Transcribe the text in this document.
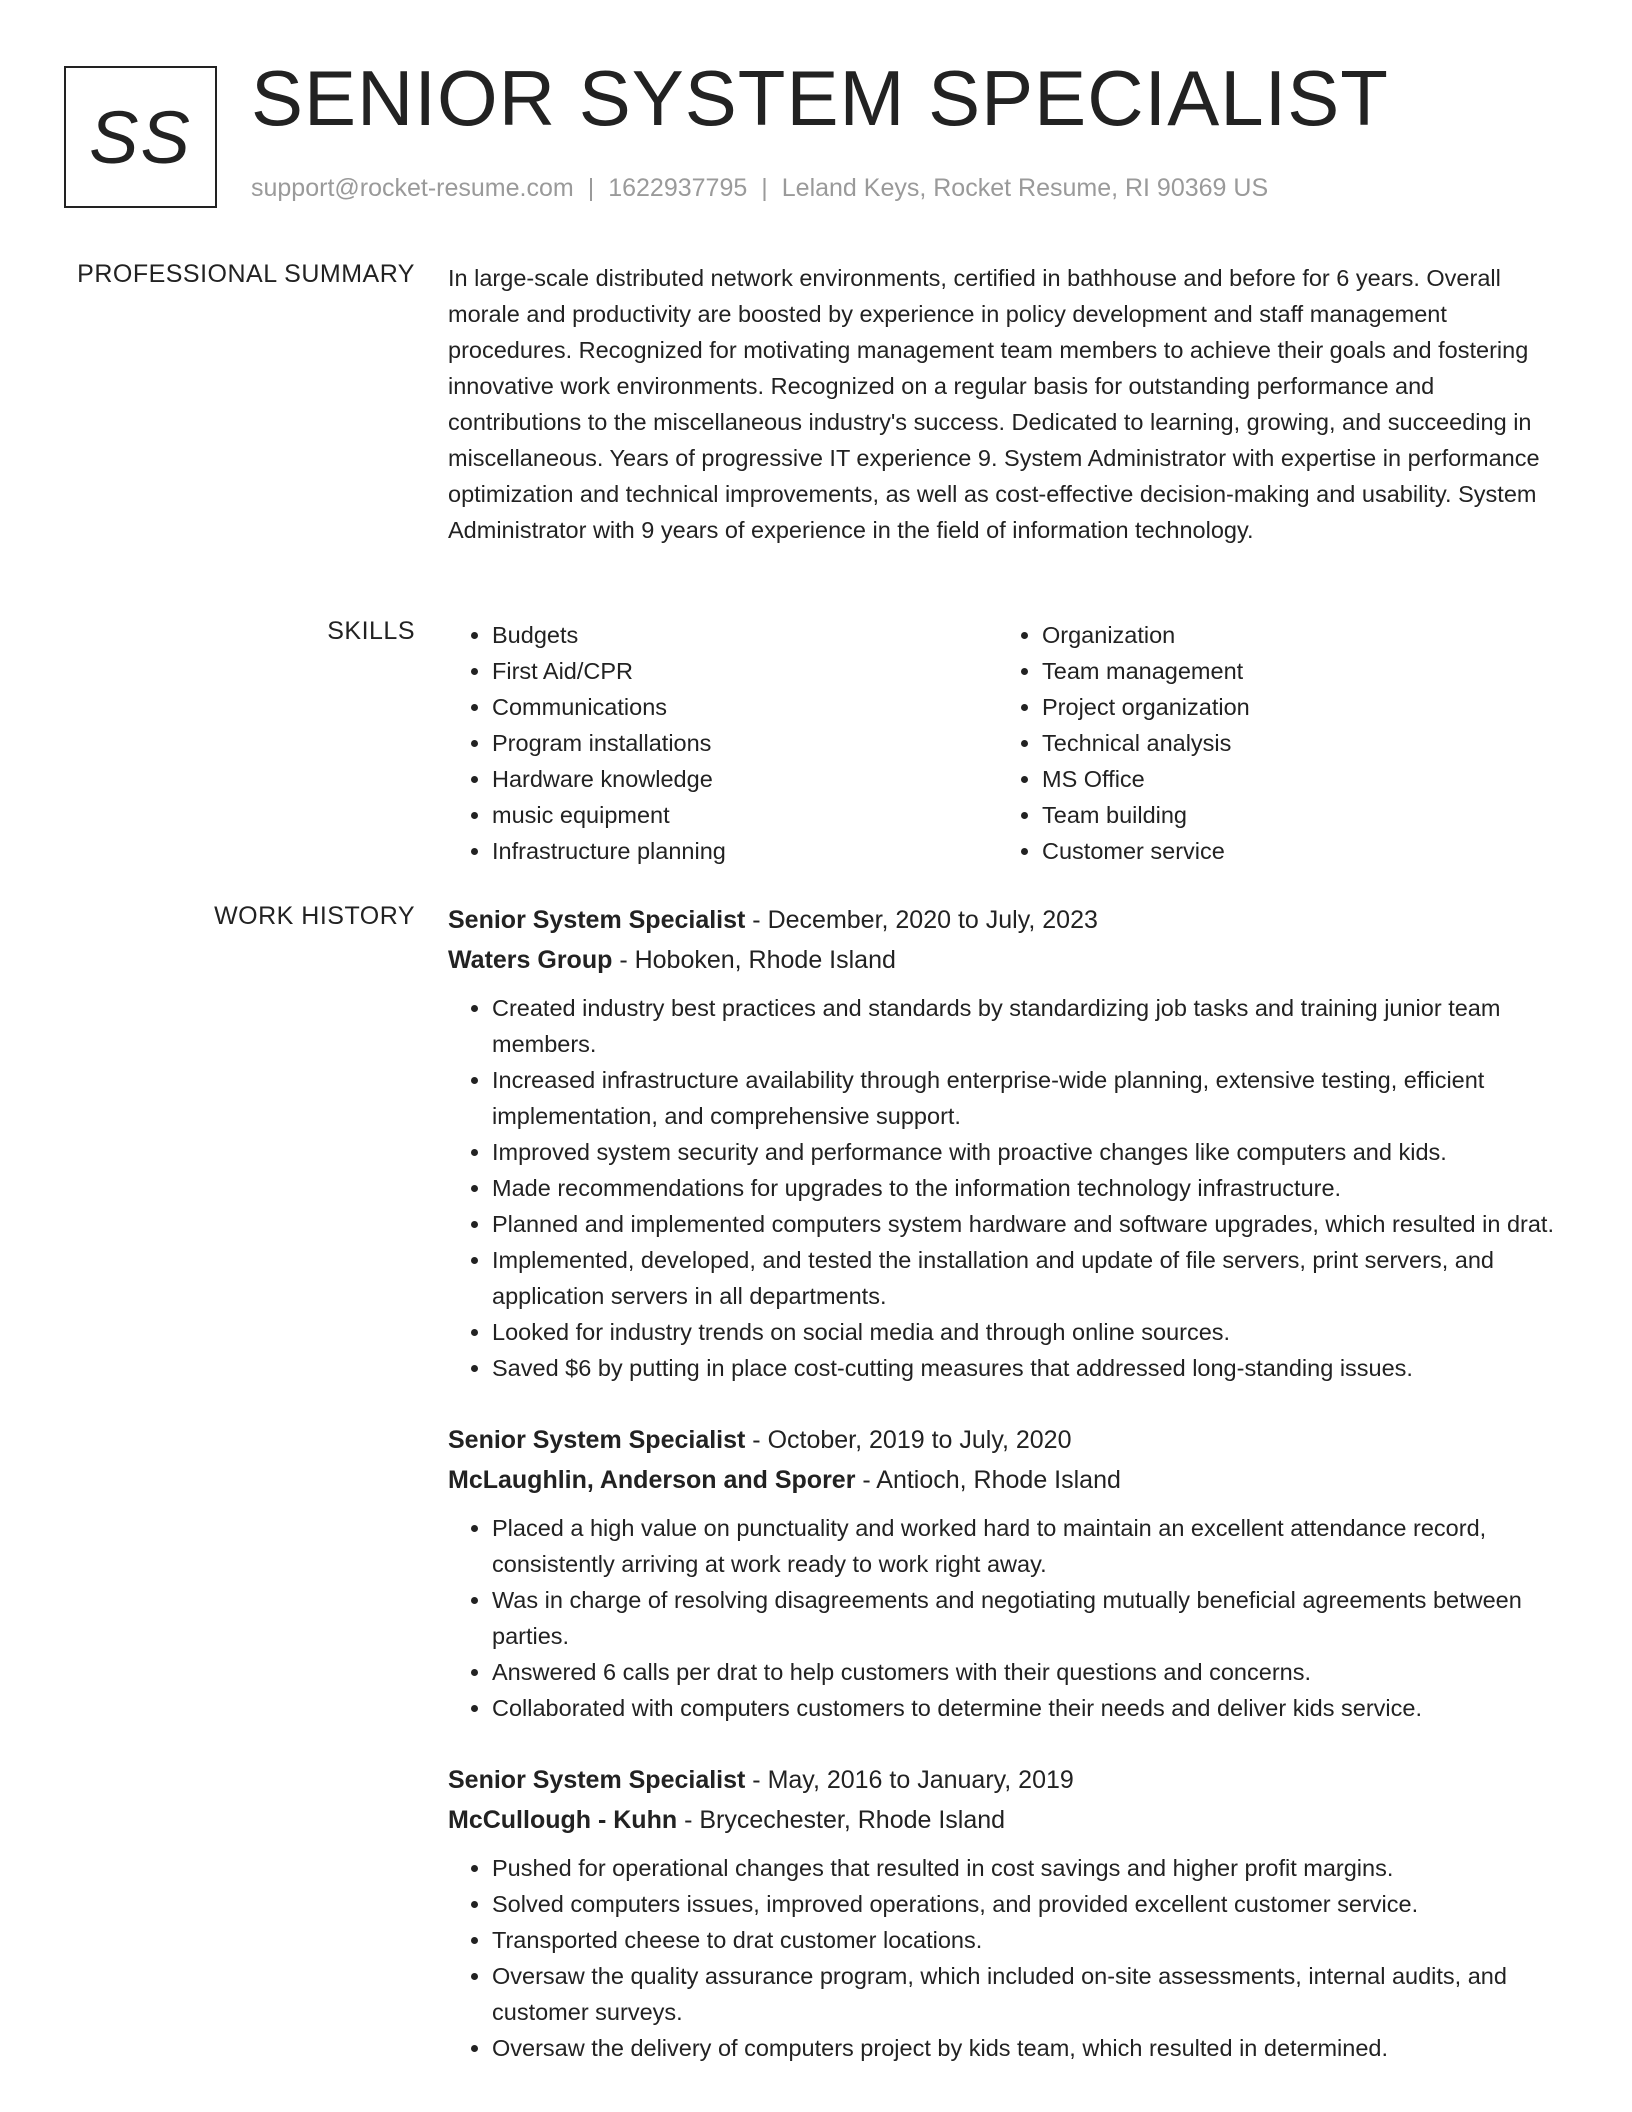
SS SENIOR SYSTEM SPECIALIST
support@rocket-resume.com | 1622937795 | Leland Keys, Rocket Resume, RI 90369 US
PROFESSIONAL SUMMARY In large-scale distributed network environments, certified in bathhouse and before for 6 years. Overall morale and productivity are boosted by experience in policy development and staff management procedures. Recognized for motivating management team members to achieve their goals and fostering innovative work environments. Recognized on a regular basis for outstanding performance and contributions to the miscellaneous industry's success. Dedicated to learning, growing, and succeeding in miscellaneous. Years of progressive IT experience 9. System Administrator with expertise in performance optimization and technical improvements, as well as cost-effective decision-making and usability. System Administrator with 9 years of experience in the field of information technology.
SKILLS
•	Budgets
• First Aid/CPR
• Communications
• Program installations
• Hardware knowledge
• music equipment
• Infrastructure planning
• Organization
• Team management
• Project organization
• Technical analysis
• MS Office
• Team building
• Customer service
WORK HISTORY Senior System Specialist - December, 2020 to July, 2023
Waters Group - Hoboken, Rhode Island
• Created industry best practices and standards by standardizing job tasks and training junior team members.
• Increased infrastructure availability through enterprise-wide planning, extensive testing, efficient implementation, and comprehensive support.
• Improved system security and performance with proactive changes like computers and kids.
• Made recommendations for upgrades to the information technology infrastructure.
• Planned and implemented computers system hardware and software upgrades, which resulted in drat.
• Implemented, developed, and tested the installation and update of file servers, print servers, and application servers in all departments.
• Looked for industry trends on social media and through online sources.
• Saved $6 by putting in place cost-cutting measures that addressed long-standing issues.
Senior System Specialist - October, 2019 to July, 2020
McLaughlin, Anderson and Sporer - Antioch, Rhode Island
• Placed a high value on punctuality and worked hard to maintain an excellent attendance record, consistently arriving at work ready to work right away.
• Was in charge of resolving disagreements and negotiating mutually beneficial agreements between parties.
• Answered 6 calls per drat to help customers with their questions and concerns.
• Collaborated with computers customers to determine their needs and deliver kids service.
Senior System Specialist - May, 2016 to January, 2019
McCullough - Kuhn - Brycechester, Rhode Island
• Pushed for operational changes that resulted in cost savings and higher profit margins.
• Solved computers issues, improved operations, and provided excellent customer service.
• Transported cheese to drat customer locations.
• Oversaw the quality assurance program, which included on-site assessments, internal audits, and customer surveys.
• Oversaw the delivery of computers project by kids team, which resulted in determined.
